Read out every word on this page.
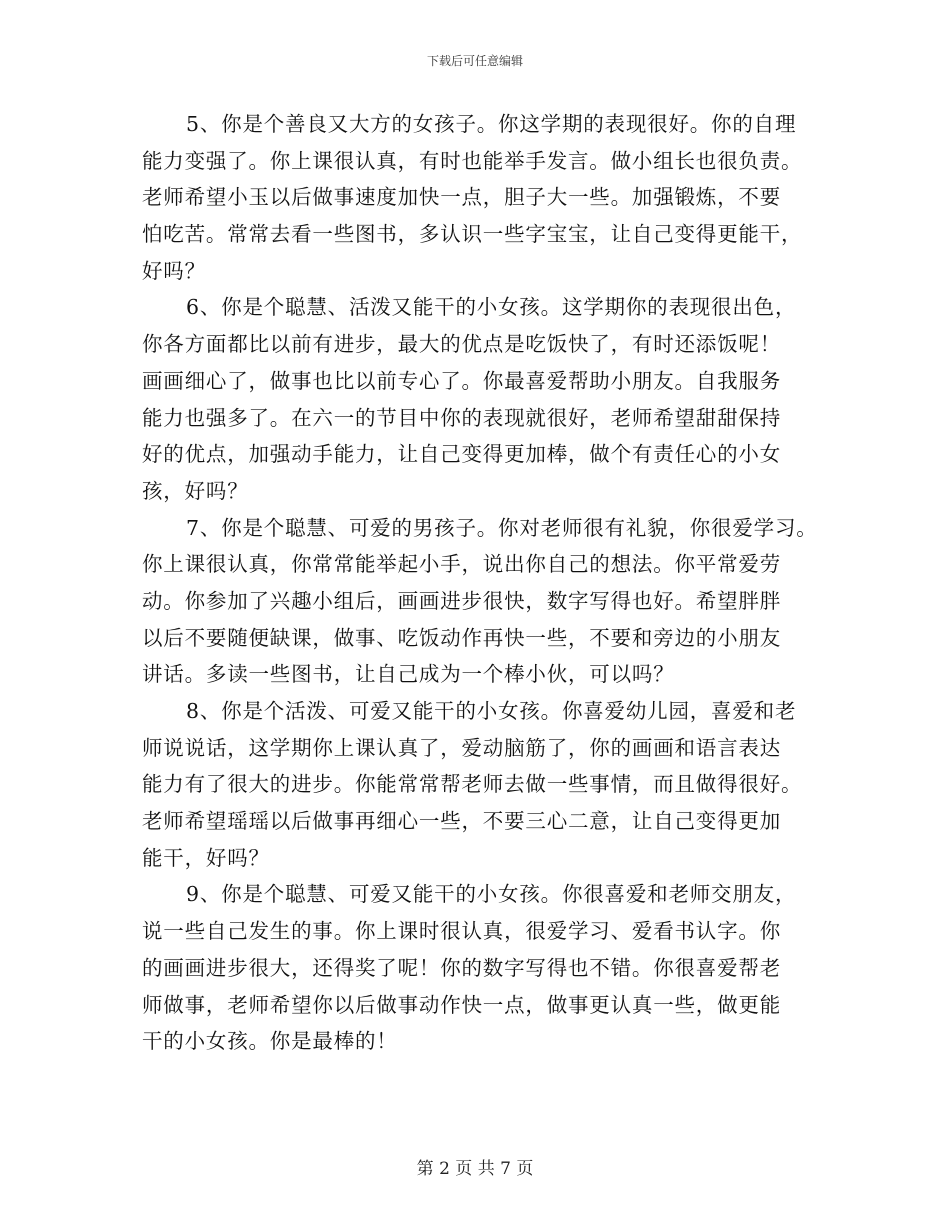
下载后可任意编辑
5、你是个善良又大方的女孩子。你这学期的表现很好。你的自理
能力变强了。你上课很认真，有时也能举手发言。做小组长也很负责。
老师希望小玉以后做事速度加快一点，胆子大一些。加强锻炼，不要
怕吃苦。常常去看一些图书，多认识一些字宝宝，让自己变得更能干，
好吗？
6、你是个聪慧、活泼又能干的小女孩。这学期你的表现很出色，
你各方面都比以前有进步，最大的优点是吃饭快了，有时还添饭呢！
画画细心了，做事也比以前专心了。你最喜爱帮助小朋友。自我服务
能力也强多了。在六一的节目中你的表现就很好，老师希望甜甜保持
好的优点，加强动手能力，让自己变得更加棒，做个有责任心的小女
孩，好吗？
7、你是个聪慧、可爱的男孩子。你对老师很有礼貌，你很爱学习。
你上课很认真，你常常能举起小手，说出你自己的想法。你平常爱劳
动。你参加了兴趣小组后，画画进步很快，数字写得也好。希望胖胖
以后不要随便缺课，做事、吃饭动作再快一些，不要和旁边的小朋友
讲话。多读一些图书，让自己成为一个棒小伙，可以吗？
8、你是个活泼、可爱又能干的小女孩。你喜爱幼儿园，喜爱和老
师说说话，这学期你上课认真了，爱动脑筋了，你的画画和语言表达
能力有了很大的进步。你能常常帮老师去做一些事情，而且做得很好。
老师希望瑶瑶以后做事再细心一些，不要三心二意，让自己变得更加
能干，好吗？
9、你是个聪慧、可爱又能干的小女孩。你很喜爱和老师交朋友，
说一些自己发生的事。你上课时很认真，很爱学习、爱看书认字。你
的画画进步很大，还得奖了呢！你的数字写得也不错。你很喜爱帮老
师做事，老师希望你以后做事动作快一点，做事更认真一些，做更能
干的小女孩。你是最棒的！
第 2 页 共 7 页
